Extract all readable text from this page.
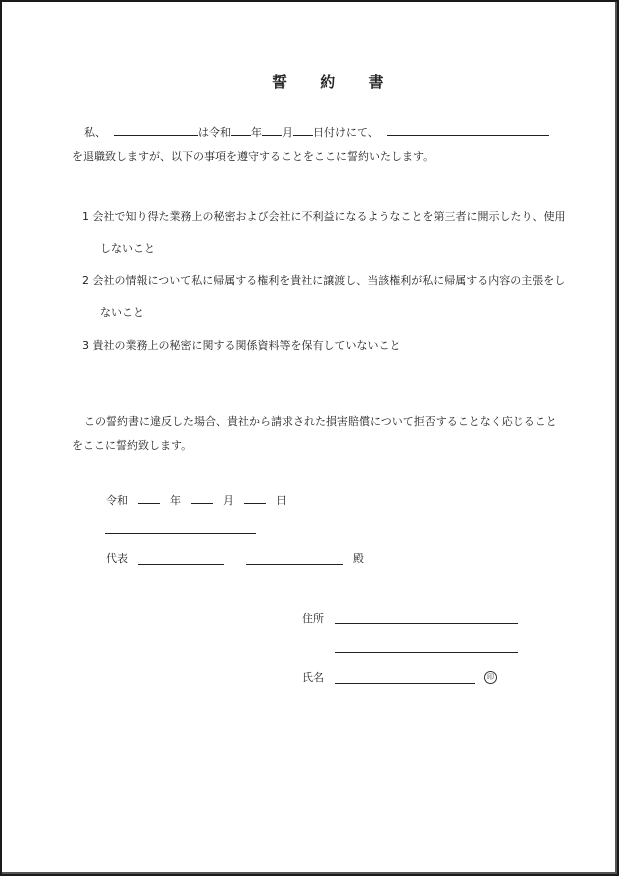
誓 約 書
私、	は令和 年 月 日付けにて、
を退職致しますが、以下の事項を遵守することをここに誓約いたします。
1 会社で知り得た業務上の秘密および会社に不利益になるようなことを第三者に開示したり、使用
しないこと
2 会社の情報について私に帰属する権利を貴社に譲渡し、当該権利が私に帰属する内容の主張をし
ないこと
3 貴社の業務上の秘密に関する関係資料等を保有していないこと
この誓約書に違反した場合、貴社から請求された損害賠償について拒否することなく応じること
をここに誓約致します。
令和	年	月	日
代表	殿
住所
氏名	印
